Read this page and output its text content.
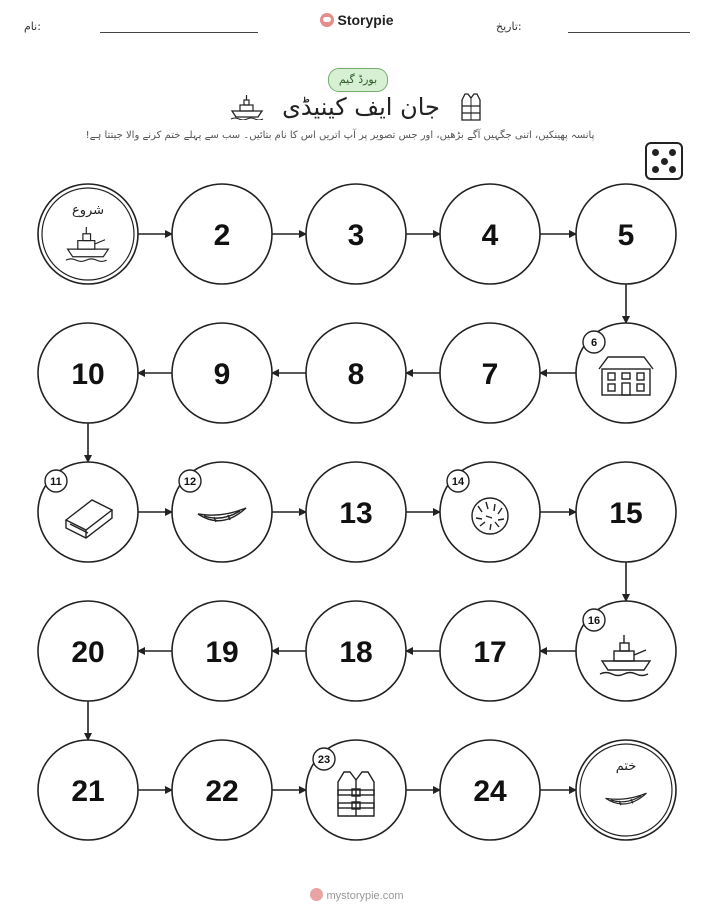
نام:	Storypie	تاریخ:
بورڈ گیم
جان ایف کینیڈی
پانسہ پھینکیں، اتنی جگہیں آگے بڑھیں، اور جس تصویر پر آپ اتریں اس کا نام بتائیں۔ سب سے پہلے ختم کرنے والا جیتتا ہے!
شروع
2	3	4	5
6
7
8
9
10
11	12
13
14
15
16
17
18
19
20
21	22
23
24
ختم
mystorypie.com
